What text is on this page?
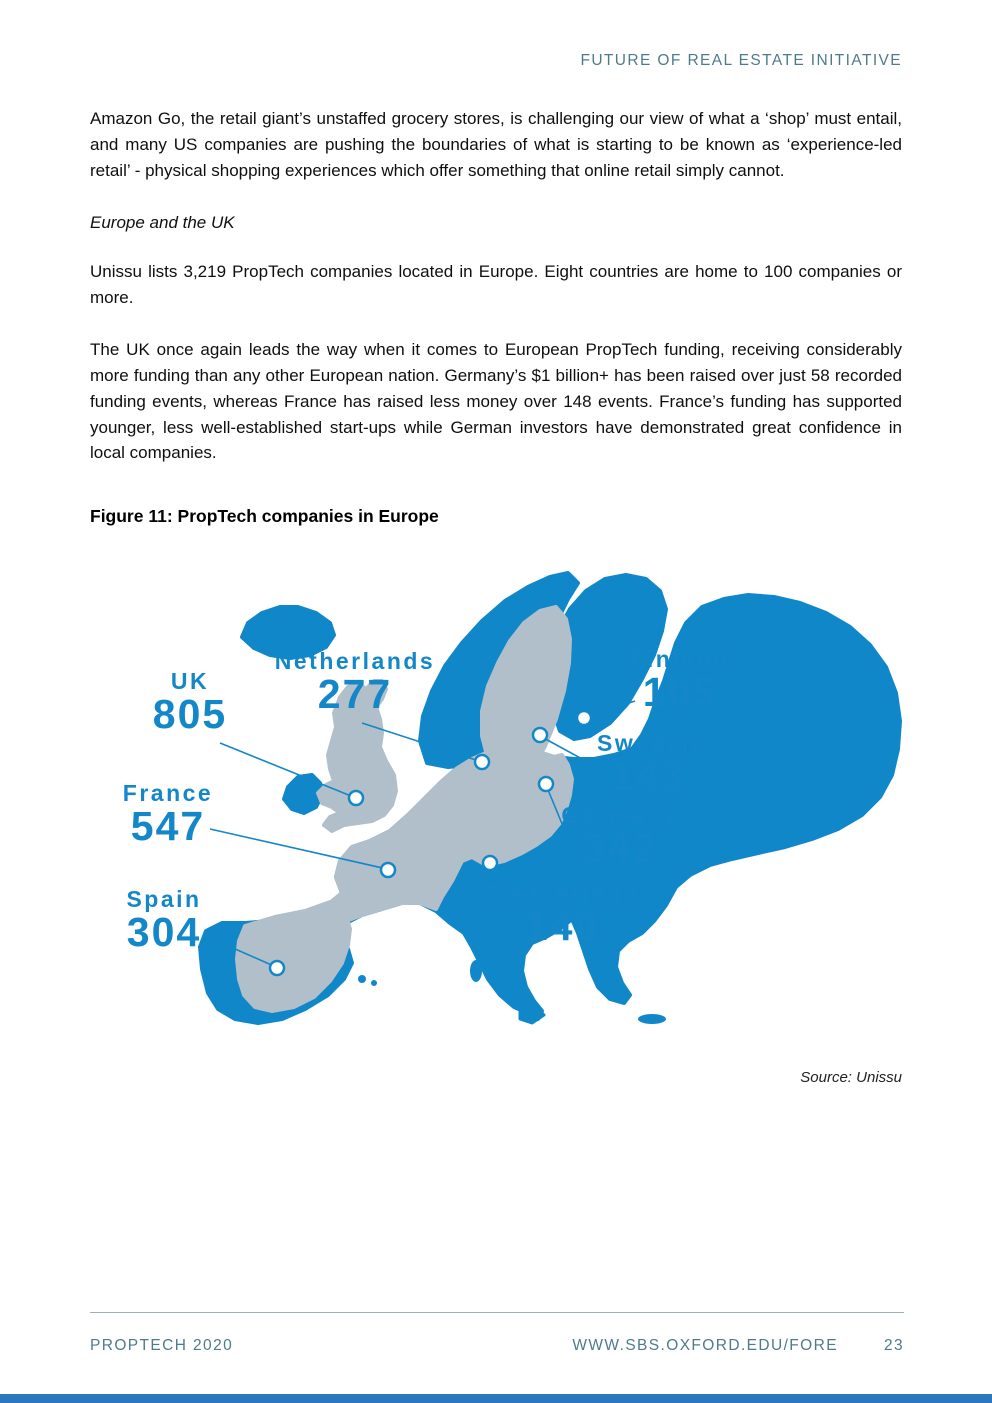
FUTURE OF REAL ESTATE INITIATIVE

Amazon Go, the retail giant’s unstaffed grocery stores, is challenging our view of what a ‘shop’ must entail, and many US companies are pushing the boundaries of what is starting to be known as ‘experience-led retail’ - physical shopping experiences which offer something that online retail simply cannot.

Europe and the UK

Unissu lists 3,219 PropTech companies located in Europe. Eight countries are home to 100 companies or more.

The UK once again leads the way when it comes to European PropTech funding, receiving considerably more funding than any other European nation. Germany’s $1 billion+ has been raised over just 58 recorded funding events, whereas France has raised less money over 148 events. France’s funding has supported younger, less well-established start-ups while German investors have demonstrated great confidence in local companies.

Figure 11: PropTech companies in Europe
UK
805
Netherlands
277
Finland
105
Sweden
143
Germany
342
Switzerland
140
France
547
Spain
304
Source: Unissu
PROPTECH 2020	WWW.SBS.OXFORD.EDU/FORE	23
